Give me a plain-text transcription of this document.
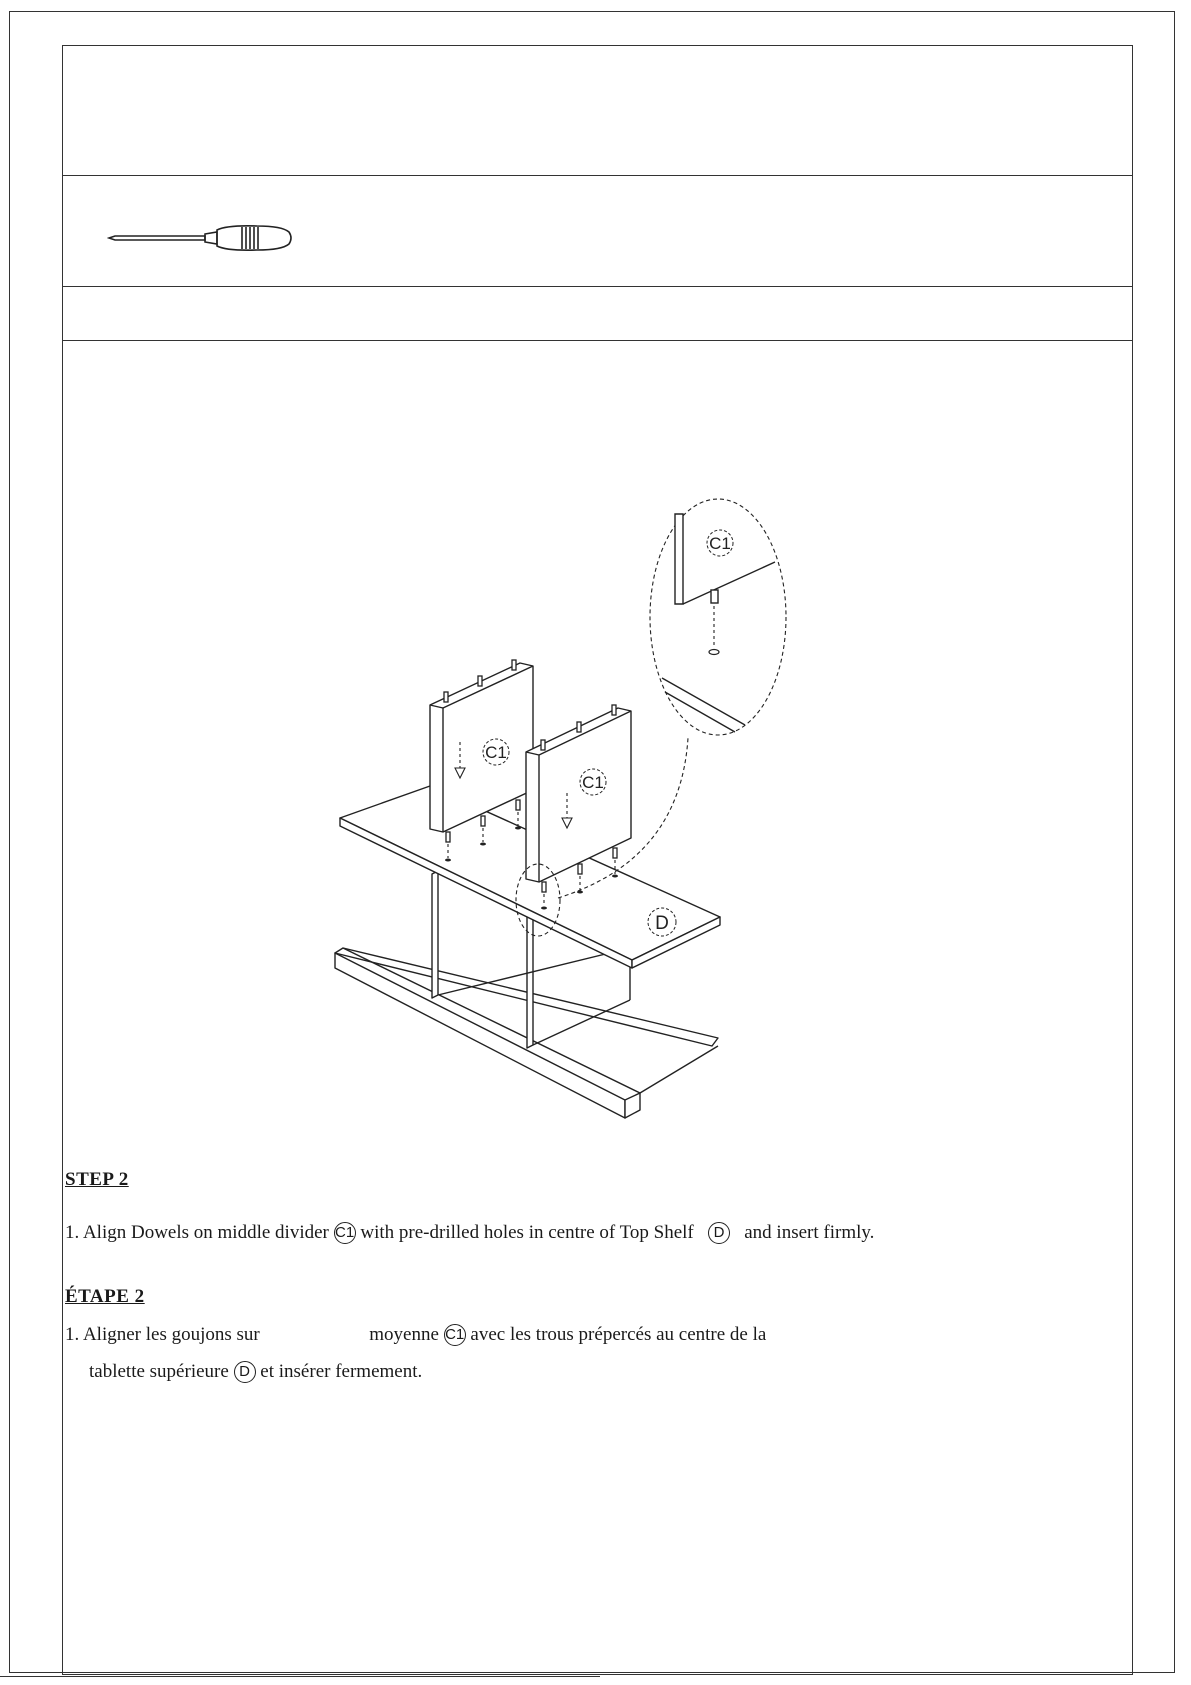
C1
C1
C1
D
STEP 2
1. Align Dowels on middle divider C1 with pre-drilled holes in centre of Top Shelf D and insert firmly.
ÉTAPE 2
1. Aligner les goujons sur	moyenne C1 avec les trous prépercés au centre de la
tablette supérieure D et insérer fermement.
